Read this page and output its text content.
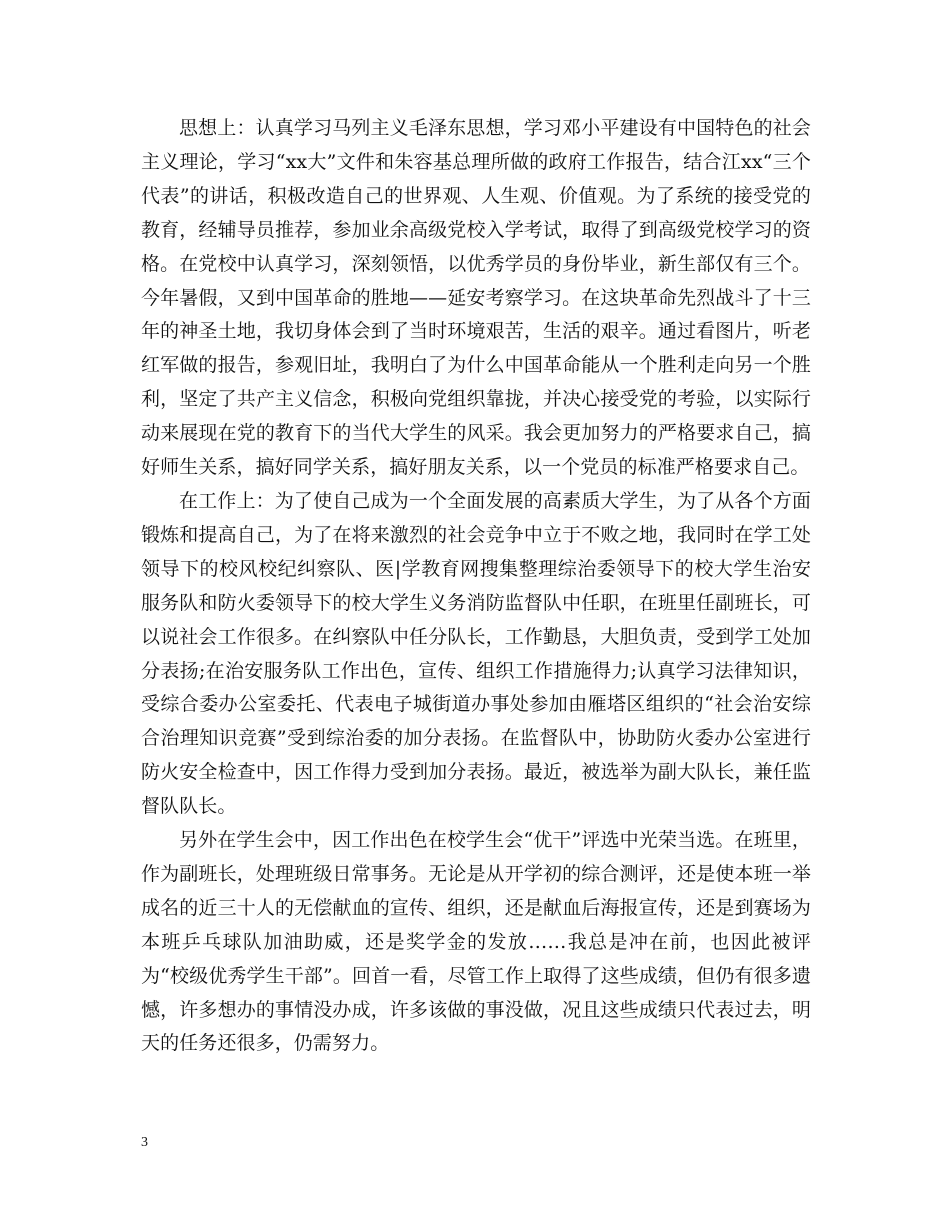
思想上：认真学习马列主义毛泽东思想，学习邓小平建设有中国特色的社会主义理论，学习“xx大”文件和朱容基总理所做的政府工作报告，结合江xx“三个代表”的讲话，积极改造自己的世界观、人生观、价值观。为了系统的接受党的教育，经辅导员推荐，参加业余高级党校入学考试，取得了到高级党校学习的资格。在党校中认真学习，深刻领悟，以优秀学员的身份毕业，新生部仅有三个。今年暑假，又到中国革命的胜地——延安考察学习。在这块革命先烈战斗了十三年的神圣土地，我切身体会到了当时环境艰苦，生活的艰辛。通过看图片，听老红军做的报告，参观旧址，我明白了为什么中国革命能从一个胜利走向另一个胜利，坚定了共产主义信念，积极向党组织靠拢，并决心接受党的考验，以实际行动来展现在党的教育下的当代大学生的风采。我会更加努力的严格要求自己，搞好师生关系，搞好同学关系，搞好朋友关系，以一个党员的标准严格要求自己。

在工作上：为了使自己成为一个全面发展的高素质大学生，为了从各个方面锻炼和提高自己，为了在将来激烈的社会竞争中立于不败之地，我同时在学工处领导下的校风校纪纠察队、医|学教育网搜集整理综治委领导下的校大学生治安服务队和防火委领导下的校大学生义务消防监督队中任职，在班里任副班长，可以说社会工作很多。在纠察队中任分队长，工作勤恳，大胆负责，受到学工处加分表扬;在治安服务队工作出色，宣传、组织工作措施得力;认真学习法律知识，受综合委办公室委托、代表电子城街道办事处参加由雁塔区组织的“社会治安综合治理知识竞赛”受到综治委的加分表扬。在监督队中，协助防火委办公室进行防火安全检查中，因工作得力受到加分表扬。最近，被选举为副大队长，兼任监督队队长。

另外在学生会中，因工作出色在校学生会“优干”评选中光荣当选。在班里，作为副班长，处理班级日常事务。无论是从开学初的综合测评，还是使本班一举成名的近三十人的无偿献血的宣传、组织，还是献血后海报宣传，还是到赛场为本班乒乓球队加油助威，还是奖学金的发放……我总是冲在前，也因此被评为“校级优秀学生干部”。回首一看，尽管工作上取得了这些成绩，但仍有很多遗憾，许多想办的事情没办成，许多该做的事没做，况且这些成绩只代表过去，明天的任务还很多，仍需努力。

3
